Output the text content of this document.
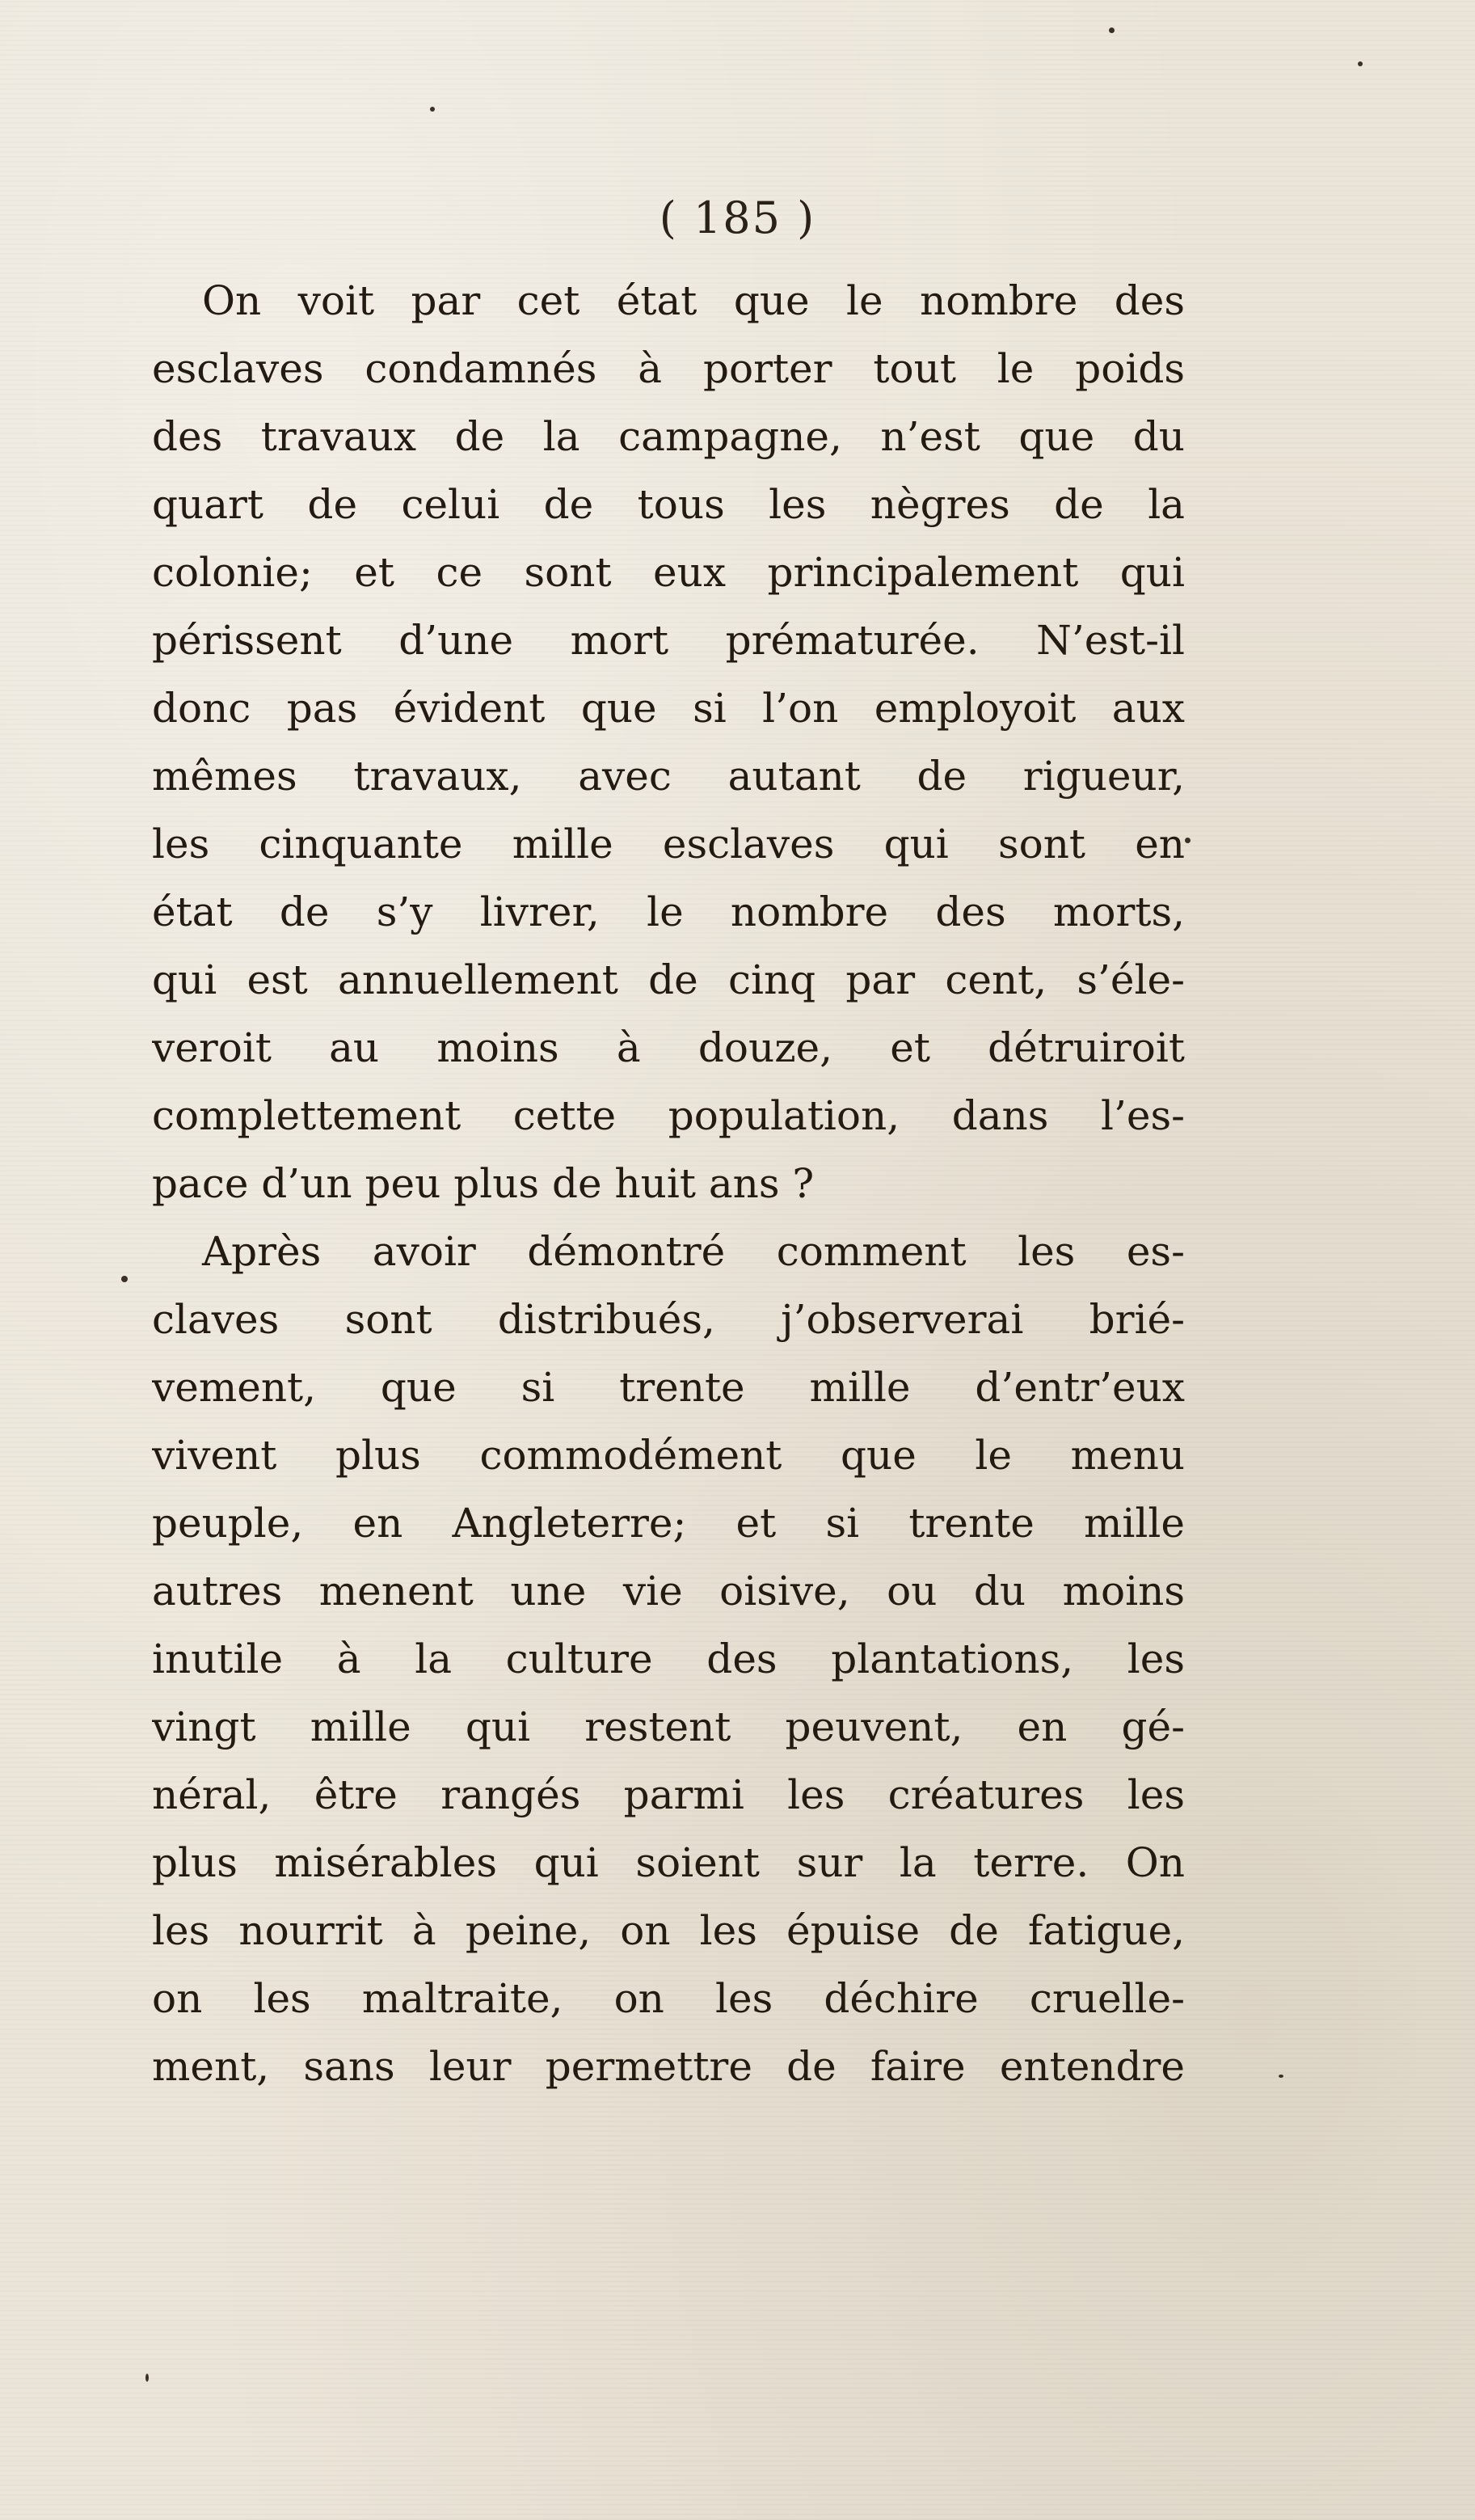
( 185 )
On voit par cet état que le nombre des
esclaves condamnés à porter tout le poids
des travaux de la campagne, n’est que du
quart de celui de tous les nègres de la
colonie; et ce sont eux principalement qui
périssent d’une mort prématurée. N’est-il
donc pas évident que si l’on employoit aux
mêmes travaux, avec autant de rigueur,
les cinquante mille esclaves qui sont en
état de s’y livrer, le nombre des morts,
qui est annuellement de cinq par cent, s’éle-
veroit au moins à douze, et détruiroit
complettement cette population, dans l’es-
pace d’un peu plus de huit ans ?
Après avoir démontré comment les es-
claves sont distribués, j’observerai brié-
vement, que si trente mille d’entr’eux
vivent plus commodément que le menu
peuple, en Angleterre; et si trente mille
autres menent une vie oisive, ou du moins
inutile à la culture des plantations, les
vingt mille qui restent peuvent, en gé-
néral, être rangés parmi les créatures les
plus misérables qui soient sur la terre. On
les nourrit à peine, on les épuise de fatigue,
on les maltraite, on les déchire cruelle-
ment, sans leur permettre de faire entendre
